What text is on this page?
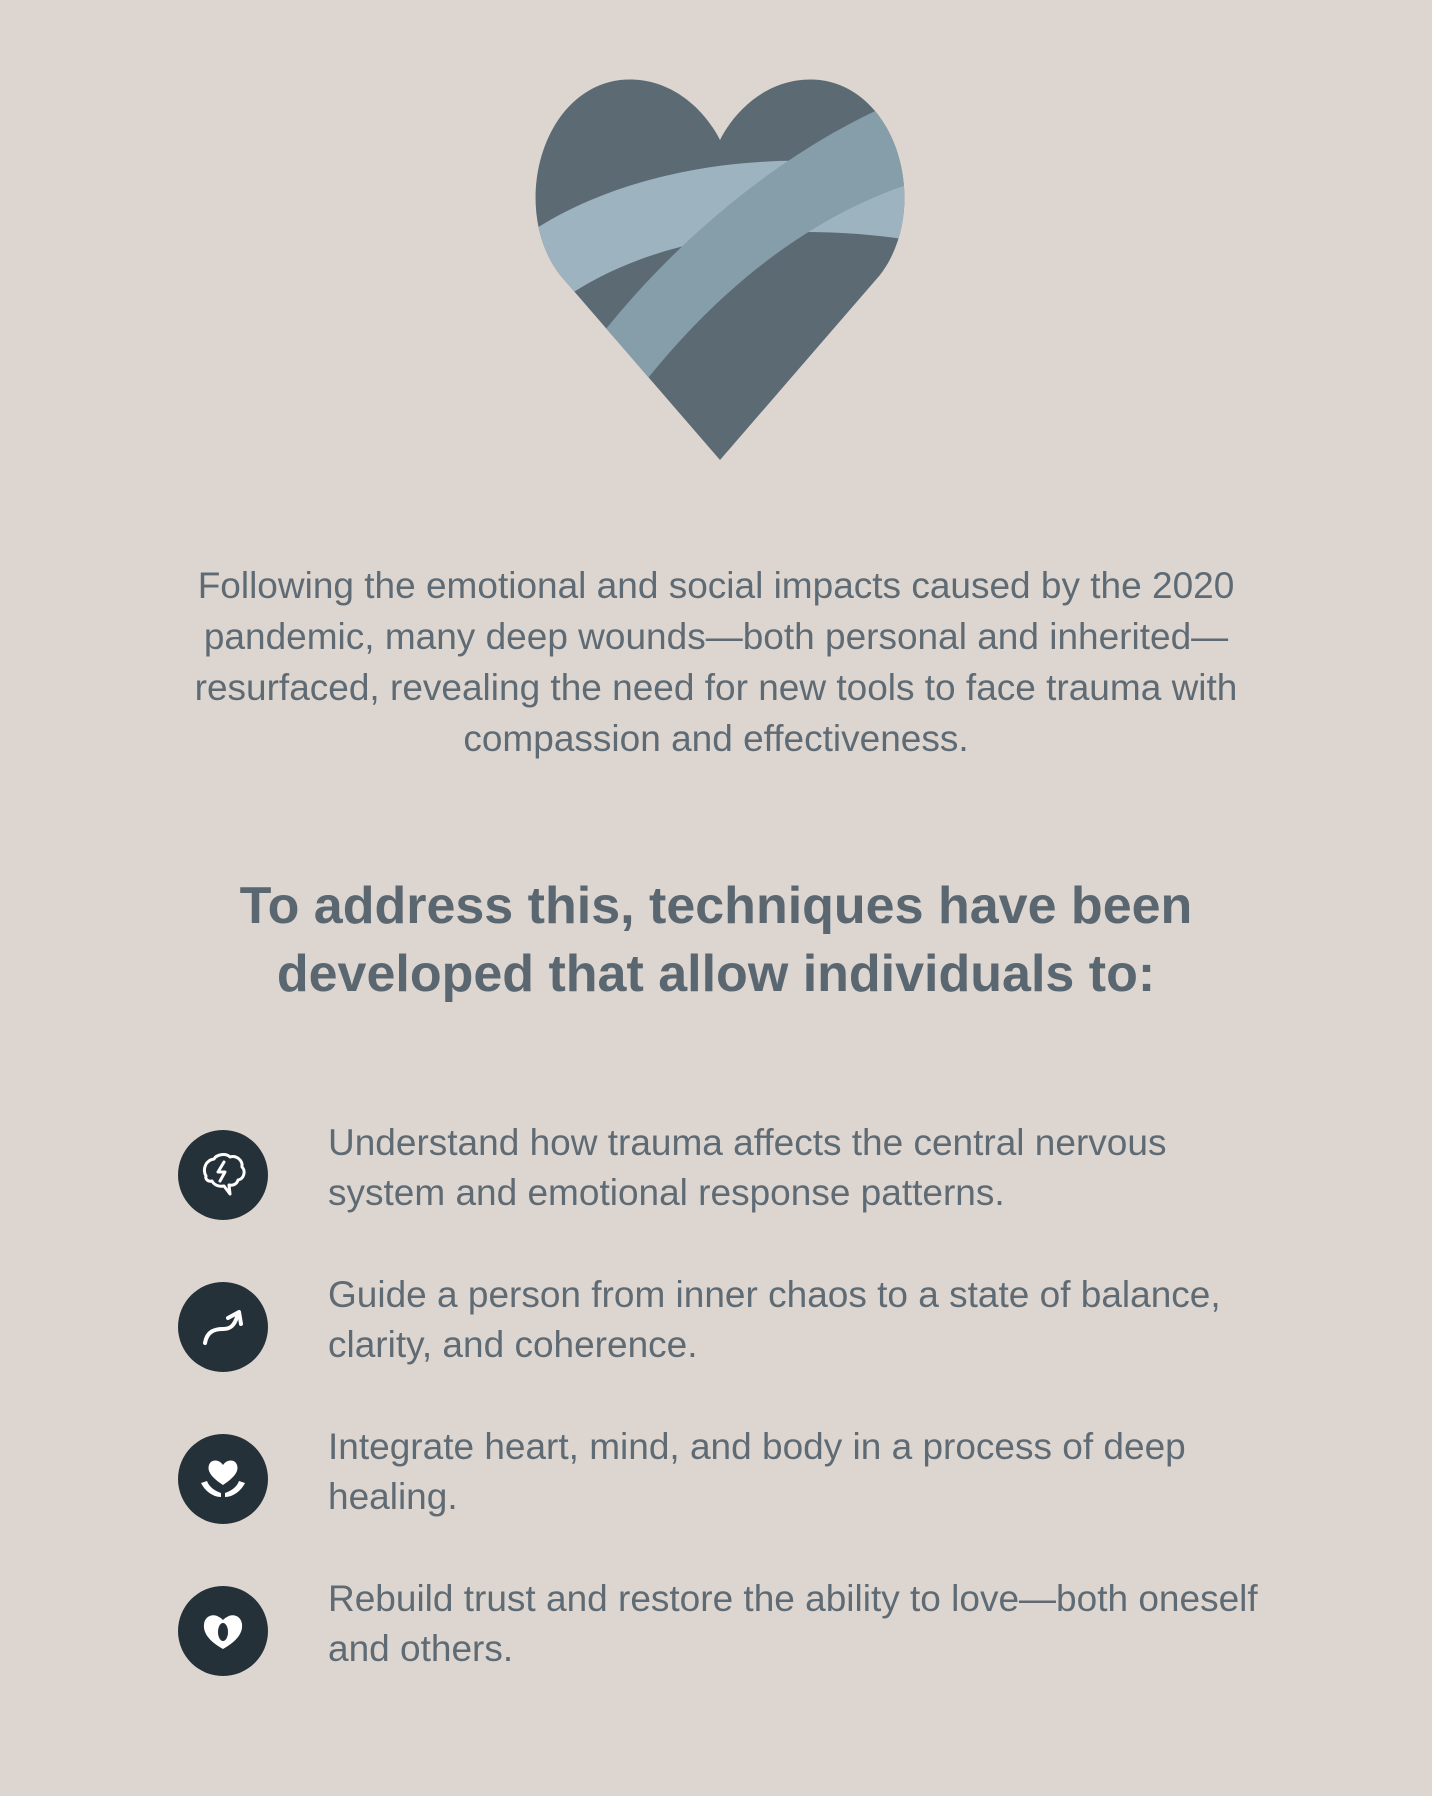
Following the emotional and social impacts caused by the 2020 pandemic, many deep wounds—both personal and inherited—resurfaced, revealing the need for new tools to face trauma with compassion and effectiveness.

To address this, techniques have been developed that allow individuals to:
Understand how trauma affects the central nervous system and emotional response patterns.
Guide a person from inner chaos to a state of balance, clarity, and coherence.
Integrate heart, mind, and body in a process of deep healing.
Rebuild trust and restore the ability to love—both oneself and others.
